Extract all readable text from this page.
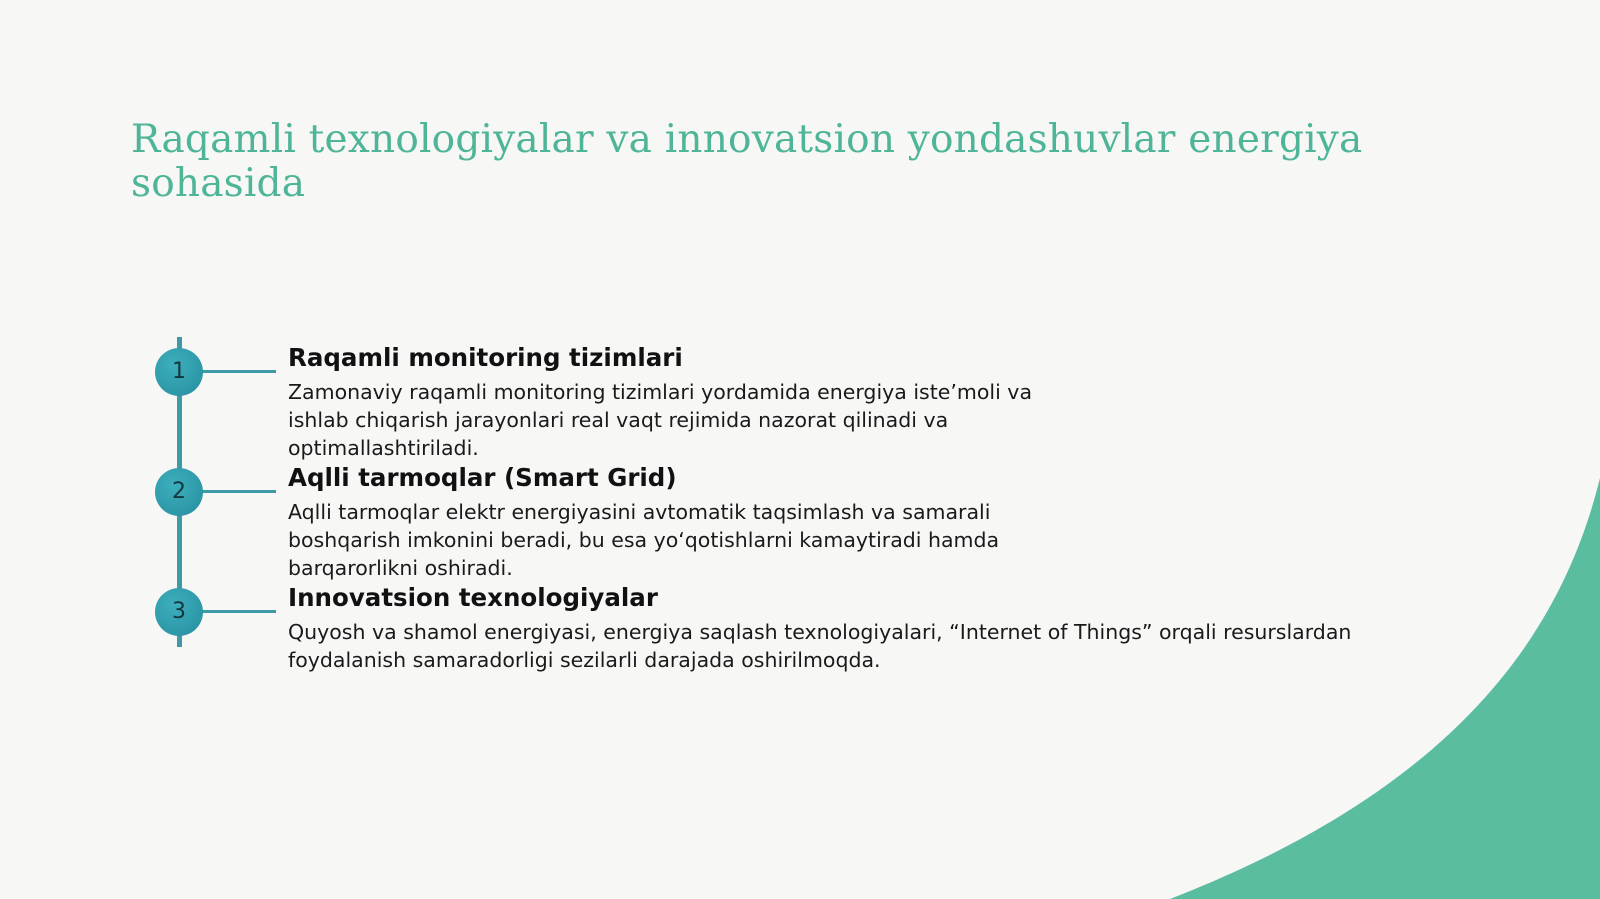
Raqamli texnologiyalar va innovatsion yondashuvlar energiya sohasida
1	Raqamli monitoring tizimlari

Zamonaviy raqamli monitoring tizimlari yordamida energiya iste’moli va ishlab chiqarish jarayonlari real vaqt rejimida nazorat qilinadi va optimallashtiriladi.

2	Aqlli tarmoqlar (Smart Grid)

Aqlli tarmoqlar elektr energiyasini avtomatik taqsimlash va samarali boshqarish imkonini beradi, bu esa yo‘qotishlarni kamaytiradi hamda barqarorlikni oshiradi.

3	Innovatsion texnologiyalar

Quyosh va shamol energiyasi, energiya saqlash texnologiyalari, “Internet of Things” orqali resurslardan foydalanish samaradorligi sezilarli darajada oshirilmoqda.
